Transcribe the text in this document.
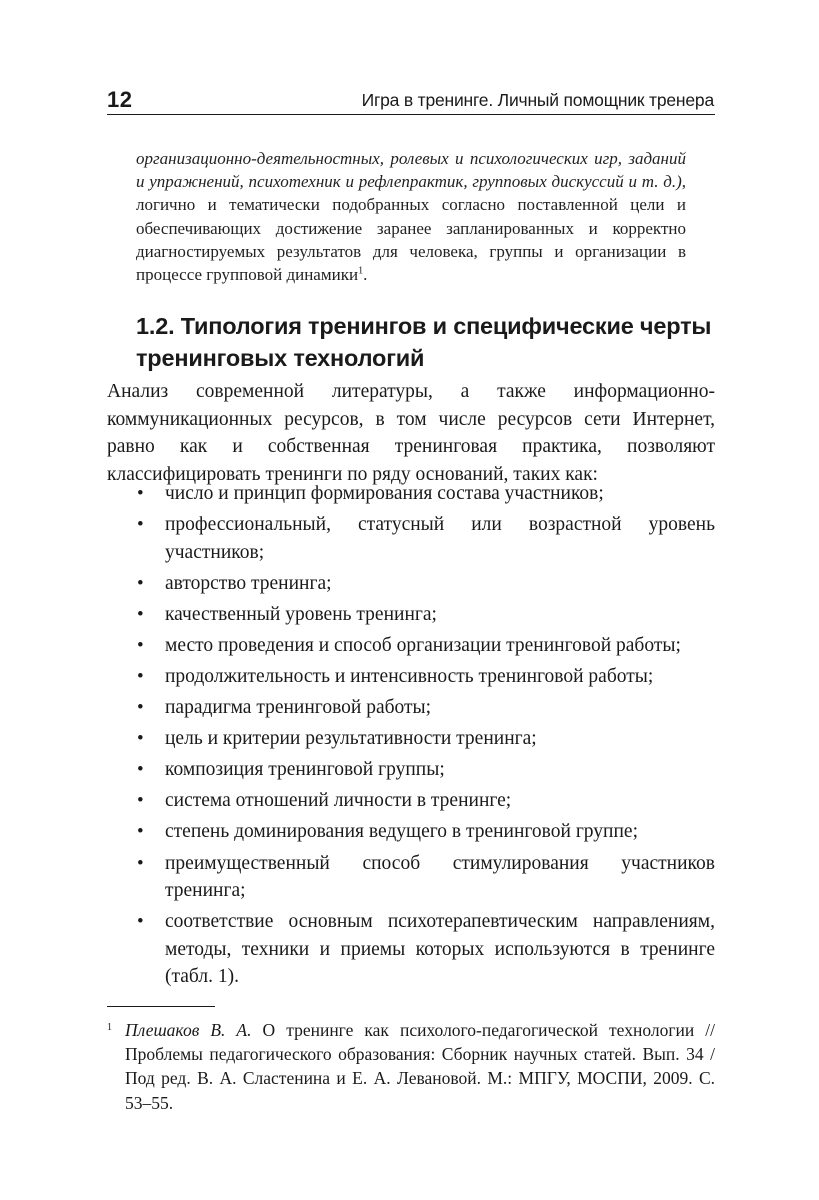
12	Игра в тренинге. Личный помощник тренера

организационно-деятельностных, ролевых и психологических игр, заданий и упражнений, психотехник и рефлепрактик, групповых дискуссий и т. д.), логично и тематически подобранных согласно поставленной цели и обеспечивающих достижение заранее запланированных и корректно диагностируемых результатов для человека, группы и организации в процессе групповой динамики$^1$.

1.2. Типология тренингов и специфические черты тренинговых технологий

Анализ современной литературы, а также информационно-коммуникационных ресурсов, в том числе ресурсов сети Интернет, равно как и собственная тренинговая практика, позволяют классифицировать тренинги по ряду оснований, таких как:

• число и принцип формирования состава участников;
• профессиональный, статусный или возрастной уровень участников;
• авторство тренинга;
• качественный уровень тренинга;
• место проведения и способ организации тренинговой работы;
• продолжительность и интенсивность тренинговой работы;
• парадигма тренинговой работы;
• цель и критерии результативности тренинга;
• композиция тренинговой группы;
• система отношений личности в тренинге;
• степень доминирования ведущего в тренинговой группе;
• преимущественный способ стимулирования участников тренинга;
• соответствие основным психотерапевтическим направлениям, методы, техники и приемы которых используются в тренинге (табл. 1).
1 Плешаков В. А. О тренинге как психолого-педагогической технологии // Проблемы педагогического образования: Сборник научных статей. Вып. 34 / Под ред. В. А. Сластенина и Е. А. Левановой. М.: МПГУ, МОСПИ, 2009. С. 53–55.
